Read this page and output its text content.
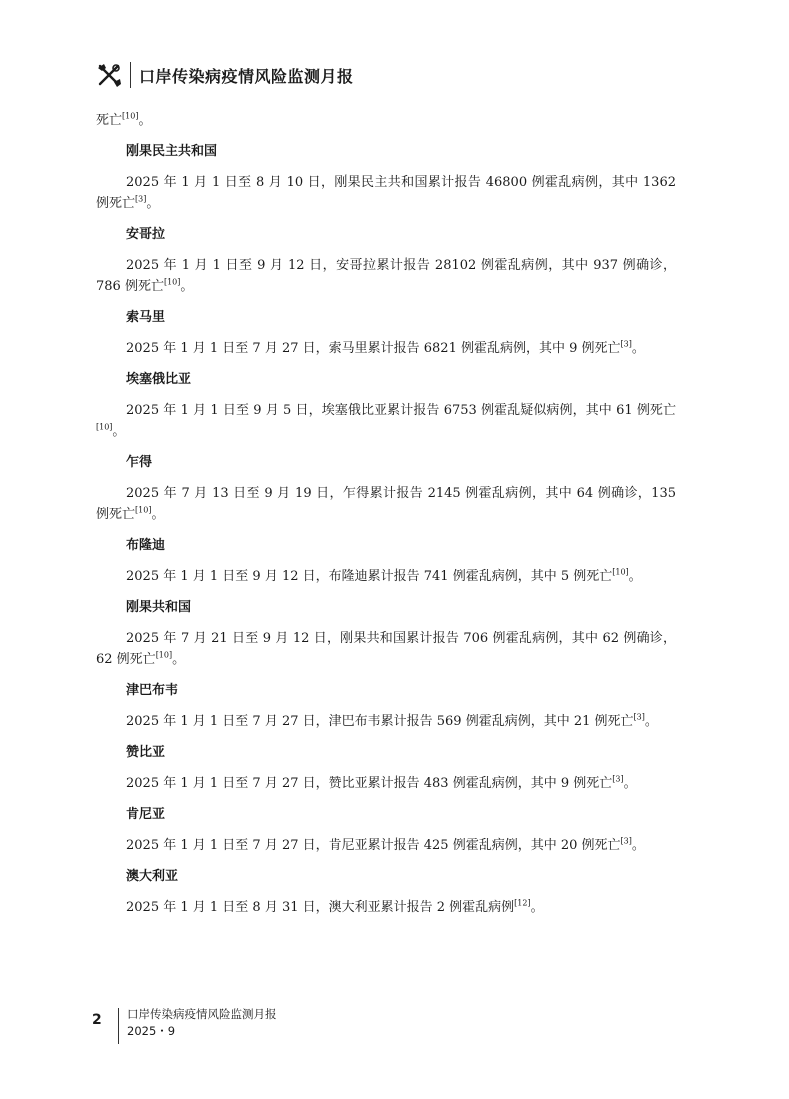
口岸传染病疫情风险监测月报

死亡[10]。

刚果民主共和国

2025 年 1 月 1 日至 8 月 10 日，刚果民主共和国累计报告 46800 例霍乱病例，其中 1362 例死亡[3]。

安哥拉

2025 年 1 月 1 日至 9 月 12 日，安哥拉累计报告 28102 例霍乱病例，其中 937 例确诊，786 例死亡[10]。

索马里

2025 年 1 月 1 日至 7 月 27 日，索马里累计报告 6821 例霍乱病例，其中 9 例死亡[3]。

埃塞俄比亚

2025 年 1 月 1 日至 9 月 5 日，埃塞俄比亚累计报告 6753 例霍乱疑似病例，其中 61 例死亡[10]。

乍得

2025 年 7 月 13 日至 9 月 19 日，乍得累计报告 2145 例霍乱病例，其中 64 例确诊，135 例死亡[10]。

布隆迪

2025 年 1 月 1 日至 9 月 12 日，布隆迪累计报告 741 例霍乱病例，其中 5 例死亡[10]。

刚果共和国

2025 年 7 月 21 日至 9 月 12 日，刚果共和国累计报告 706 例霍乱病例，其中 62 例确诊，62 例死亡[10]。

津巴布韦

2025 年 1 月 1 日至 7 月 27 日，津巴布韦累计报告 569 例霍乱病例，其中 21 例死亡[3]。

赞比亚

2025 年 1 月 1 日至 7 月 27 日，赞比亚累计报告 483 例霍乱病例，其中 9 例死亡[3]。

肯尼亚

2025 年 1 月 1 日至 7 月 27 日，肯尼亚累计报告 425 例霍乱病例，其中 20 例死亡[3]。

澳大利亚

2025 年 1 月 1 日至 8 月 31 日，澳大利亚累计报告 2 例霍乱病例[12]。

2	口岸传染病疫情风险监测月报
2025・9
